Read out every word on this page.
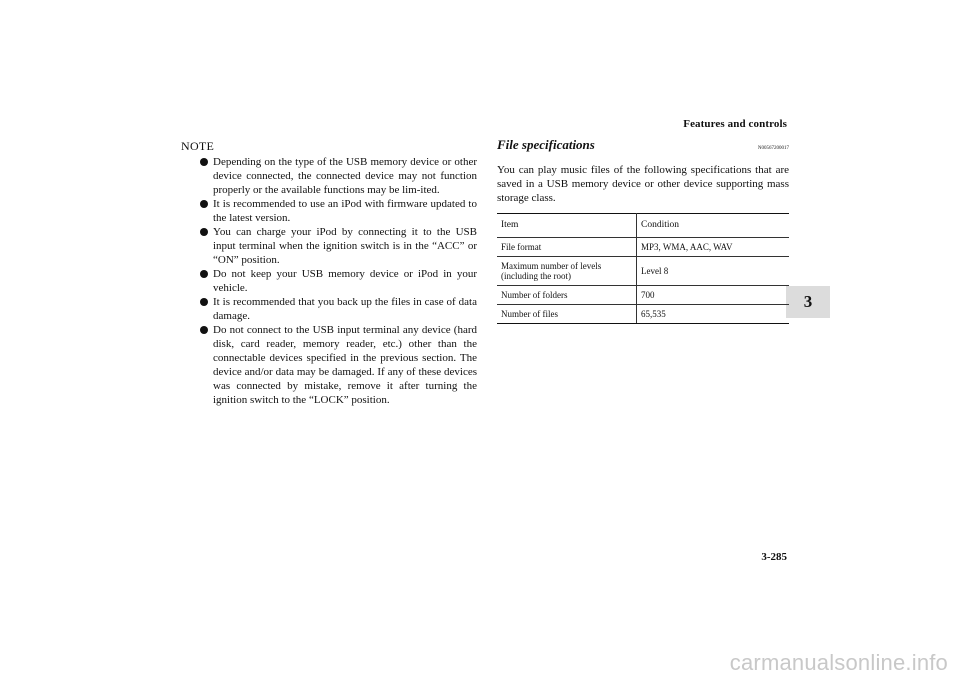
Features and controls
3
NOTE
Depending on the type of the USB memory device or other device connected, the connected device may not function properly or the available functions may be lim-ited.
It is recommended to use an iPod with firmware updated to the latest version.
You can charge your iPod by connecting it to the USB input terminal when the ignition switch is in the “ACC” or “ON” position.
Do not keep your USB memory device or iPod in your vehicle.
It is recommended that you back up the files in case of data damage.
Do not connect to the USB input terminal any device (hard disk, card reader, memory reader, etc.) other than the connectable devices specified in the previous section. The device and/or data may be damaged. If any of these devices was connected by mistake, remove it after turning the ignition switch to the “LOCK” position.
File specifications	N00567200017
You can play music files of the following specifications that are saved in a USB memory device or other device supporting mass storage class.
Item	Condition
File format	MP3, WMA, AAC, WAV
Maximum number of levels (including the root)	Level 8
Number of folders	700
Number of files	65,535
3-285
carmanualsonline.info
